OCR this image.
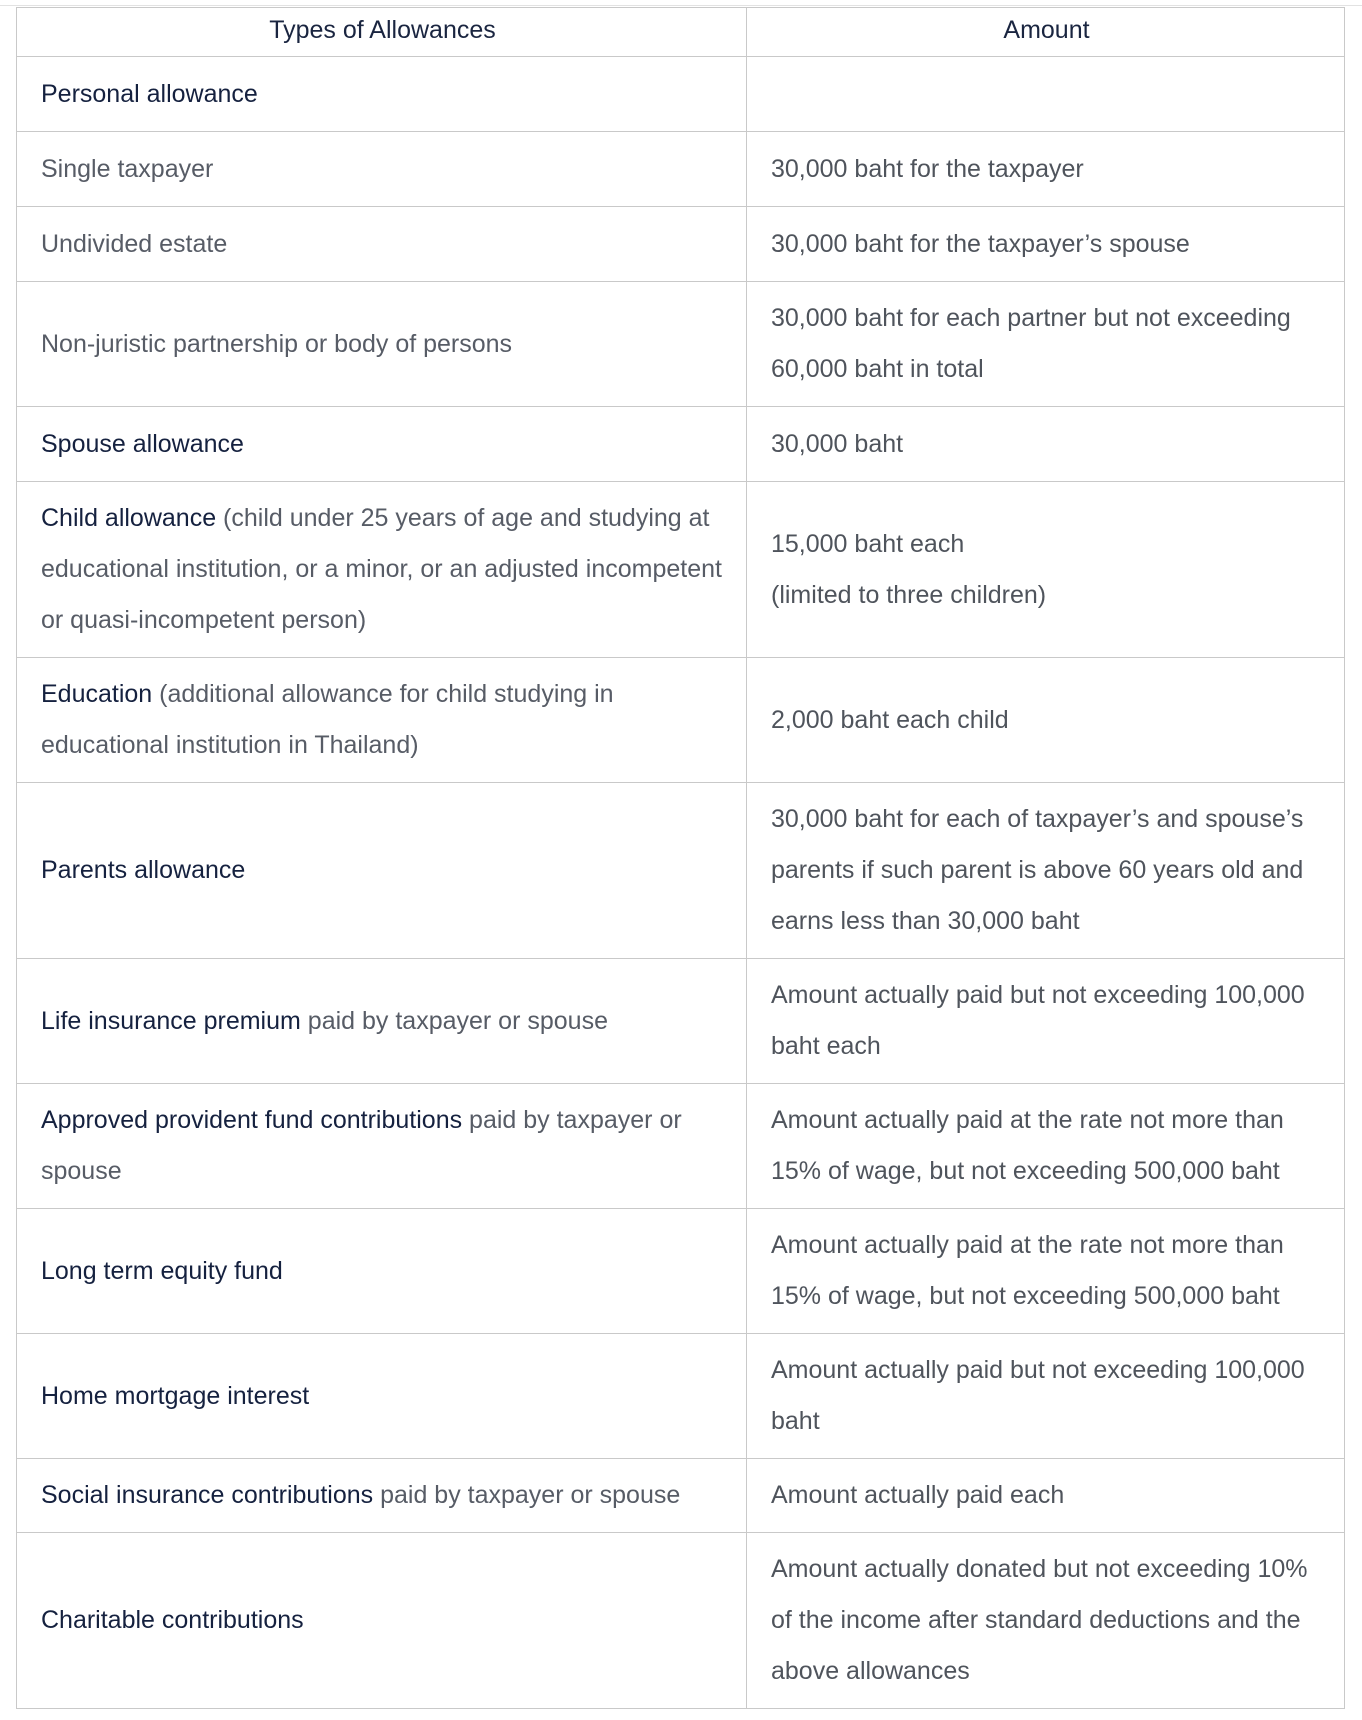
Types of Allowances	Amount
Personal allowance	
Single taxpayer	30,000 baht for the taxpayer

Undivided estate	30,000 baht for the taxpayer’s spouse

Non-juristic partnership or body of persons	30,000 baht for each partner but not exceeding 60,000 baht in total

Spouse allowance	30,000 baht

Child allowance (child under 25 years of age and studying at educational institution, or a minor, or an adjusted incompetent or quasi-incompetent person)	15,000 baht each
(limited to three children)

Education (additional allowance for child studying in educational institution in Thailand)	2,000 baht each child

Parents allowance	30,000 baht for each of taxpayer’s and spouse’s parents if such parent is above 60 years old and earns less than 30,000 baht

Life insurance premium paid by taxpayer or spouse	Amount actually paid but not exceeding 100,000 baht each

Approved provident fund contributions paid by taxpayer or spouse	Amount actually paid at the rate not more than 15% of wage, but not exceeding 500,000 baht

Long term equity fund	Amount actually paid at the rate not more than 15% of wage, but not exceeding 500,000 baht

Home mortgage interest	Amount actually paid but not exceeding 100,000 baht

Social insurance contributions paid by taxpayer or spouse	Amount actually paid each

Charitable contributions	Amount actually donated but not exceeding 10% of the income after standard deductions and the above allowances
